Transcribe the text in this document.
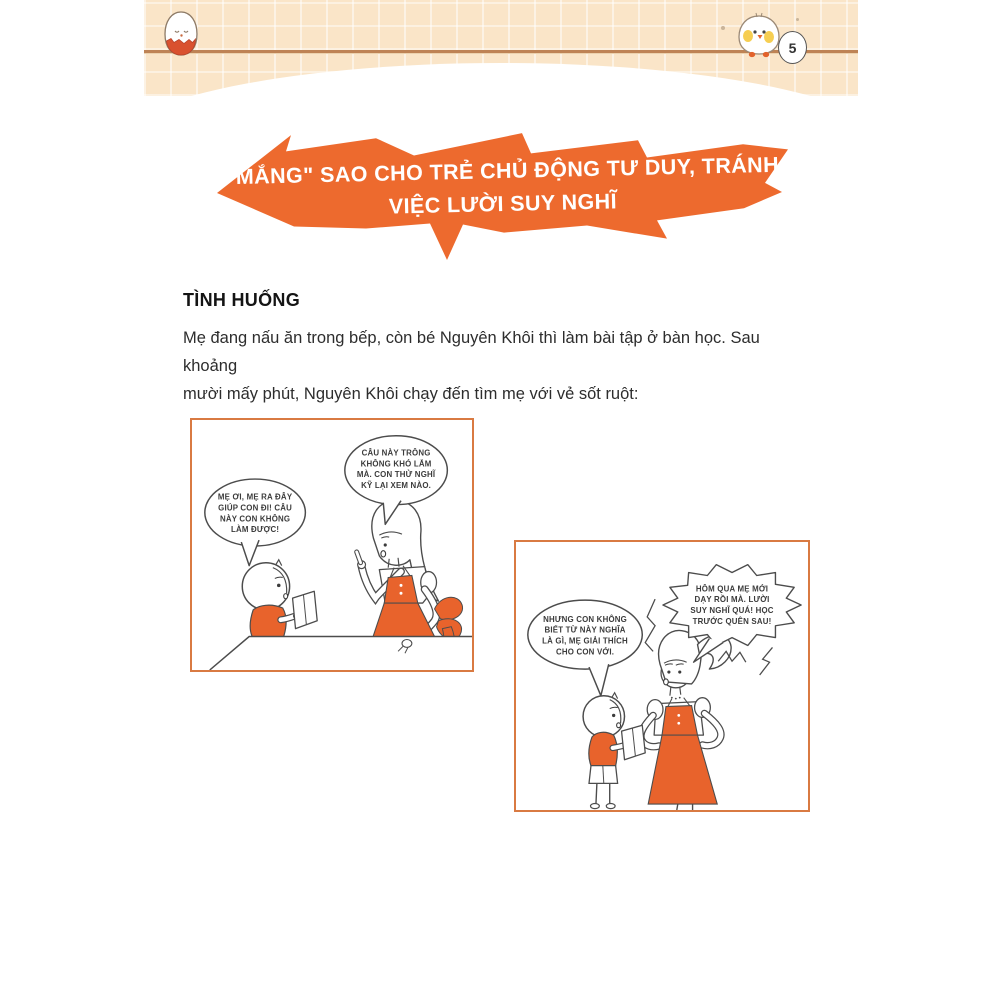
5
"MẮNG" SAO CHO TRẺ CHỦ ĐỘNG TƯ DUY, TRÁNH
VIỆC LƯỜI SUY NGHĨ
TÌNH HUỐNG

Mẹ đang nấu ăn trong bếp, còn bé Nguyên Khôi thì làm bài tập ở bàn học. Sau khoảng
mười mấy phút, Nguyên Khôi chạy đến tìm mẹ với vẻ sốt ruột:

MẸ ƠI, MẸ RA ĐÂY
GIÚP CON ĐI! CÂU
NÀY CON KHÔNG
LÀM ĐƯỢC!
CÂU NÀY TRÔNG
KHÔNG KHÓ LẮM
MÀ. CON THỬ NGHĨ
KỸ LẠI XEM NÀO.
NHƯNG CON KHÔNG
BIẾT TỪ NÀY NGHĨA
LÀ GÌ, MẸ GIẢI THÍCH
CHO CON VỚI.
HÔM QUA MẸ MỚI
DẠY RỒI MÀ. LƯỜI
SUY NGHĨ QUÁ! HỌC
TRƯỚC QUÊN SAU!
